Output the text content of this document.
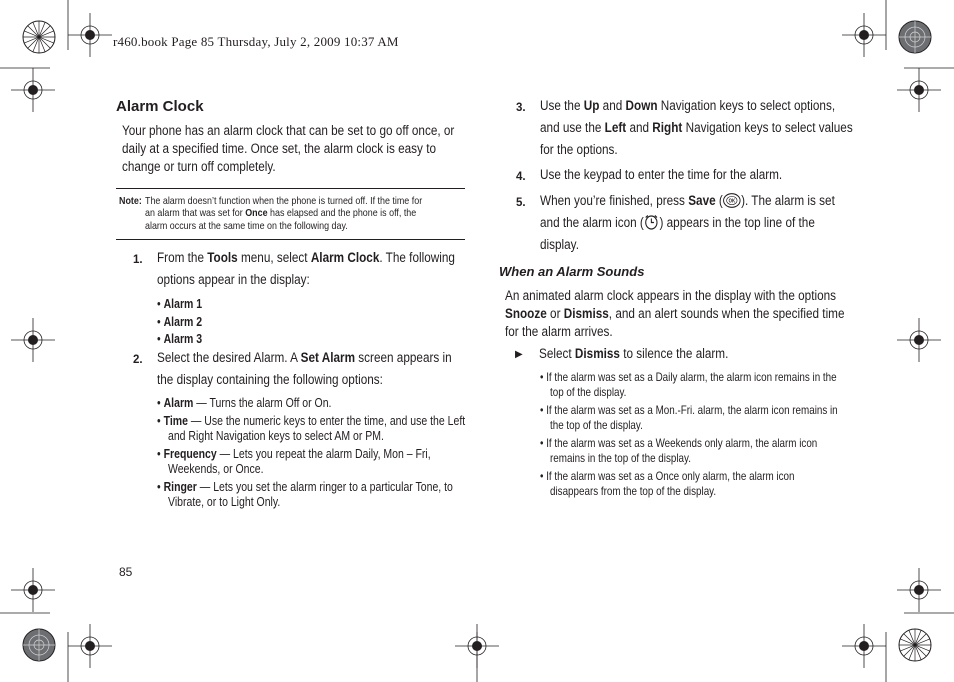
r460.book Page 85 Thursday, July 2, 2009 10:37 AM
Alarm Clock
Your phone has an alarm clock that can be set to go off once, or
daily at a specified time. Once set, the alarm clock is easy to
change or turn off completely.
Note: The alarm doesn’t function when the phone is turned off. If the time for
an alarm that was set for Once has elapsed and the phone is off, the
alarm occurs at the same time on the following day.
1. From the Tools menu, select Alarm Clock. The following
options appear in the display:
• Alarm 1
• Alarm 2
• Alarm 3
2. Select the desired Alarm. A Set Alarm screen appears in
the display containing the following options:
• Alarm — Turns the alarm Off or On.
• Time — Use the numeric keys to enter the time, and use the Left
and Right Navigation keys to select AM or PM.
• Frequency — Lets you repeat the alarm Daily, Mon – Fri,
Weekends, or Once.
• Ringer — Lets you set the alarm ringer to a particular Tone, to
Vibrate, or to Light Only.
85
3. Use the Up and Down Navigation keys to select options,
and use the Left and Right Navigation keys to select values
for the options.
4. Use the keypad to enter the time for the alarm.
5. When you’re finished, press Save ( OK ). The alarm is set
and the alarm icon ( ) appears in the top line of the
display.
When an Alarm Sounds
An animated alarm clock appears in the display with the options
Snooze or Dismiss, and an alert sounds when the specified time
for the alarm arrives.
▶ Select Dismiss to silence the alarm.
• If the alarm was set as a Daily alarm, the alarm icon remains in the
top of the display.
• If the alarm was set as a Mon.-Fri. alarm, the alarm icon remains in
the top of the display.
• If the alarm was set as a Weekends only alarm, the alarm icon
remains in the top of the display.
• If the alarm was set as a Once only alarm, the alarm icon
disappears from the top of the display.
